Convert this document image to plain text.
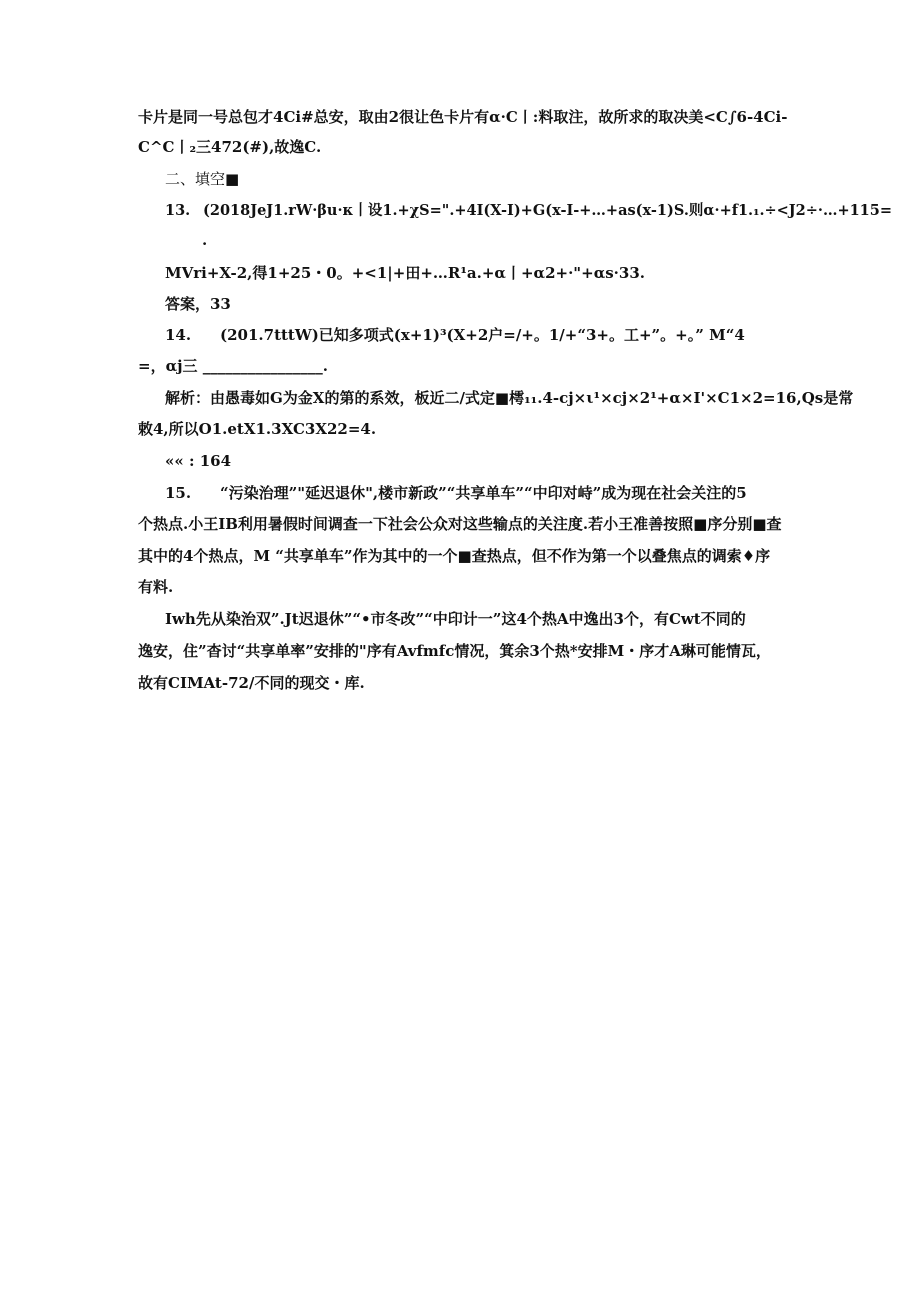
卡片是同一号总包才4Ci#总安，取由2很让色卡片有α·C丨:料取注，故所求的取决美<C∫6-4Ci-
C^C丨₂三472(#),故逸C.
二、填空■
13. (2018JeJ1.rW·βu·κ丨设1.+χS=".+4I(X-I)+G(x-I-+…+as(x-1)S.则α·+f1.₁.÷<J2÷·…+115=
.
MVri+X-2,得1+25・0。+<1|+田+…R¹a.+α丨+α2+·"+αs·33.
答案，33
14. (201.7tttW)已知多项式(x+1)³(X+2户=/+。1/+“3+。工+”。+。” M“4
=，αj三 ________________.
解析：由愚毒如G为金X的第的系效，板近二/式定■樗₁₁.4-cj×ι¹×cj×2¹+α×I'×C1×2=16,Qs是常
敕4,所以O1.etX1.3XC3X22=4.
«« : 164
15. “污染治理”"延迟退休",楼市新政”“共享单车”“中印对峙”成为现在社会关注的5
个热点.小王IB利用暑假时间调查一下社会公众对这些输点的关注度.若小王准善按照■序分别■查
其中的4个热点，M “共享单车”作为其中的一个■查热点，但不作为第一个以叠焦点的调索♦序
有料.
Iwh先从染治双”.Jt迟退休”“•市冬改”“中印计一”这4个热A中逸出3个，有Cwt不同的
逸安，住”杳讨“共享单率”安排的"序有Avfmfc情况，箕余3个热*安排M・序才A琳可能情瓦，
故有CIMAt-72/不同的现交・库.
